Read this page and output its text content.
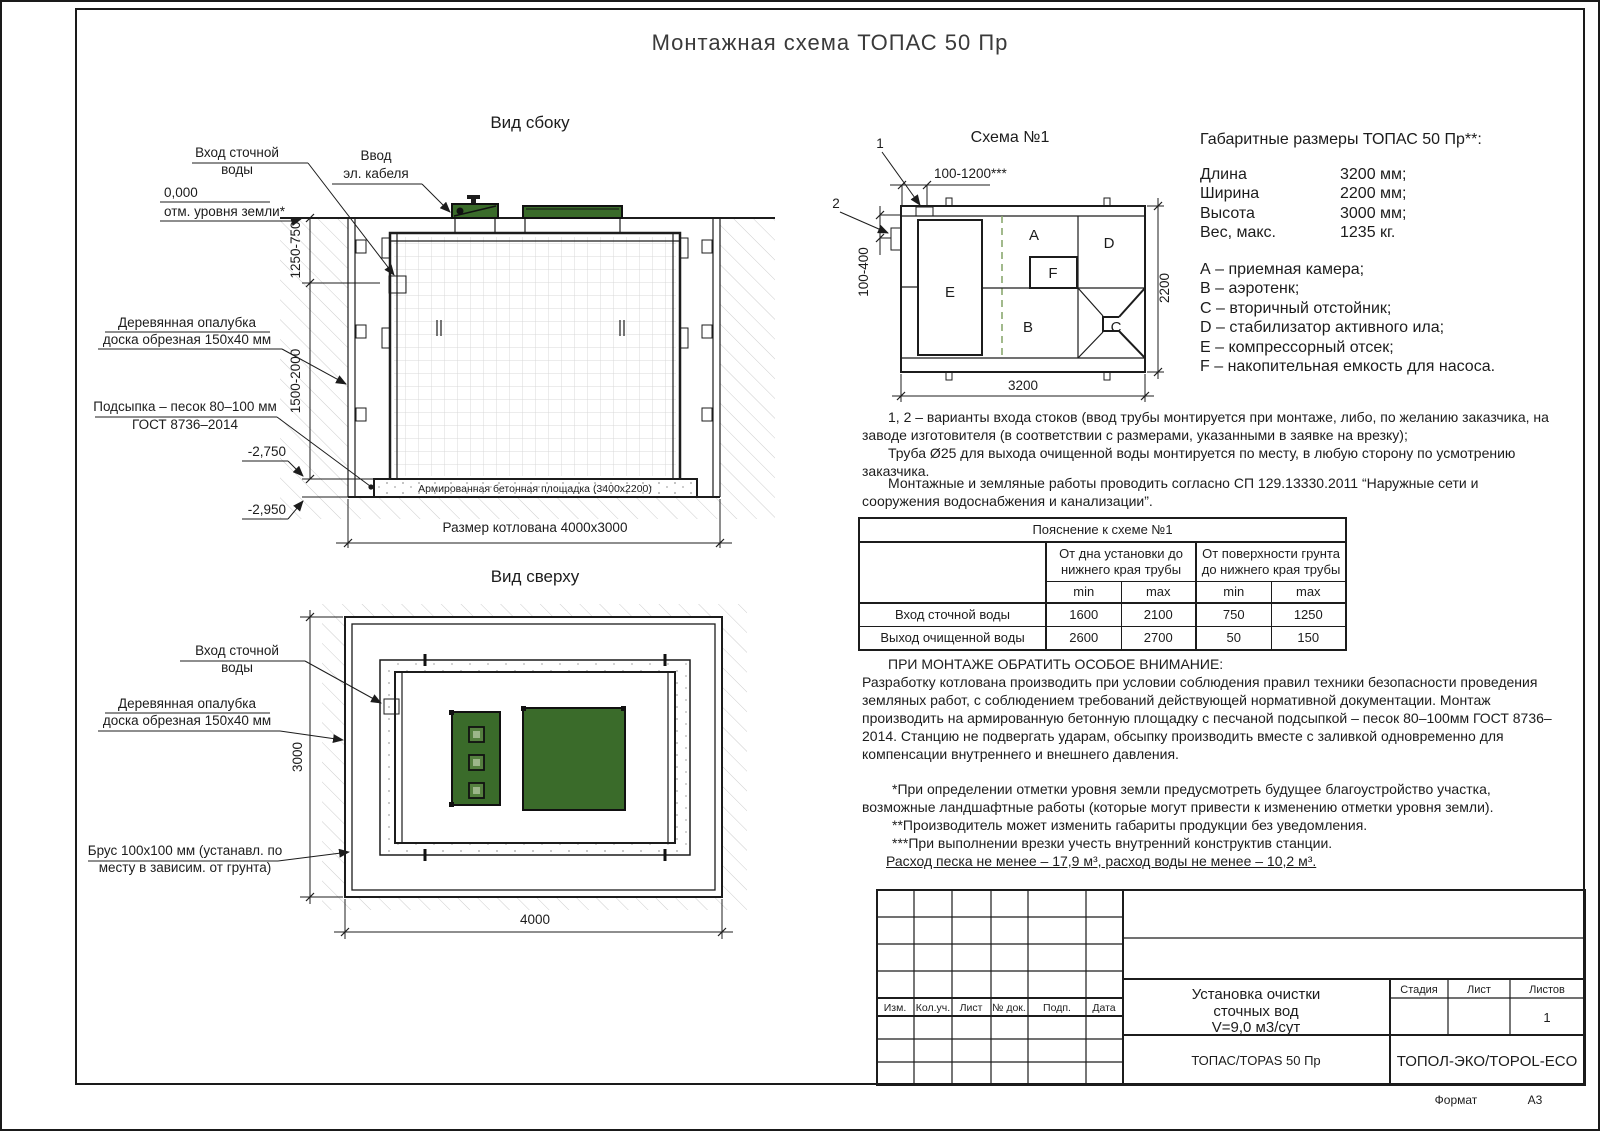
Монтажная схема ТОПАС 50 Пр
Вид сбоку
Армированная бетонная площадка (3400х2200)
1250-750
1500-2000
0,000
отм. уровня земли*
Вход сточной
воды
Ввод
эл. кабеля
Деревянная опалубка
доска обрезная 150х40 мм
Подсыпка – песок 80–100 мм
ГОСТ 8736–2014
-2,750
-2,950
Размер котлована 4000х3000
Вид сверху
Вход сточной
воды
Деревянная опалубка
доска обрезная 150х40 мм
Брус 100х100 мм (устанавл. по
месту в зависим. от грунта)
3000
4000
Схема №1
E
A
F
B
D
C
1
2
100-1200***
100-400	2200
3200
Габаритные размеры ТОПАС 50 Пр**:
Длина	3200 мм;
Ширина	2200 мм;
Высота	3000 мм;
Вес, макс.	1235 кг.
А – приемная камера;
В – аэротенк;
С – вторичный отстойник;
D – стабилизатор активного ила;
Е – компрессорный отсек;
F – накопительная емкость для насоса.

1, 2 – варианты входа стоков (ввод трубы монтируется при монтаже, либо, по желанию заказчика, на заводе изготовителя (в соответствии с размерами, указанными в заявке на врезку);

Труба Ø25 для выхода очищенной воды монтируется по месту, в любую сторону по усмотрению заказчика.

Монтажные и земляные работы проводить согласно СП 129.13330.2011 “Наружные сети и сооружения водоснабжения и канализации”.

Пояснение к схеме №1				
	От дна установки до нижнего края трубы		От поверхности грунта до нижнего края трубы	
	min	max	min	max
Вход сточной воды	1600	2100	750	1250
Выход очищенной воды	2600	2700	50	150

ПРИ МОНТАЖЕ ОБРАТИТЬ ОСОБОЕ ВНИМАНИЕ:

Разработку котлована производить при условии соблюдения правил техники безопасности проведения земляных работ, с соблюдением требований действующей нормативной документации. Монтаж производить на армированную бетонную площадку с песчаной подсыпкой – песок 80–100мм ГОСТ 8736–2014. Станцию не подвергать ударам, обсыпку производить вместе с заливкой одновременно для компенсации внутреннего и внешнего давления.

*При определении отметки уровня земли предусмотреть будущее благоустройство участка, возможные ландшафтные работы (которые могут привести к изменению отметки уровня земли).

**Производитель может изменить габариты продукции без уведомления.

***При выполнении врезки учесть внутренний конструктив станции.

Расход песка не менее – 17,9 м³, расход воды не менее – 10,2 м³.
Изм. Кол.уч. Лист № док. Подп. Дата
Установка очистки
сточных вод
V=9,0 м3/сут
Стадия	Лист	Листов
1
ТОПАС/TOPAS 50 Пр	ТОПОЛ-ЭКО/TOPOL-ECO
Формат	А3
